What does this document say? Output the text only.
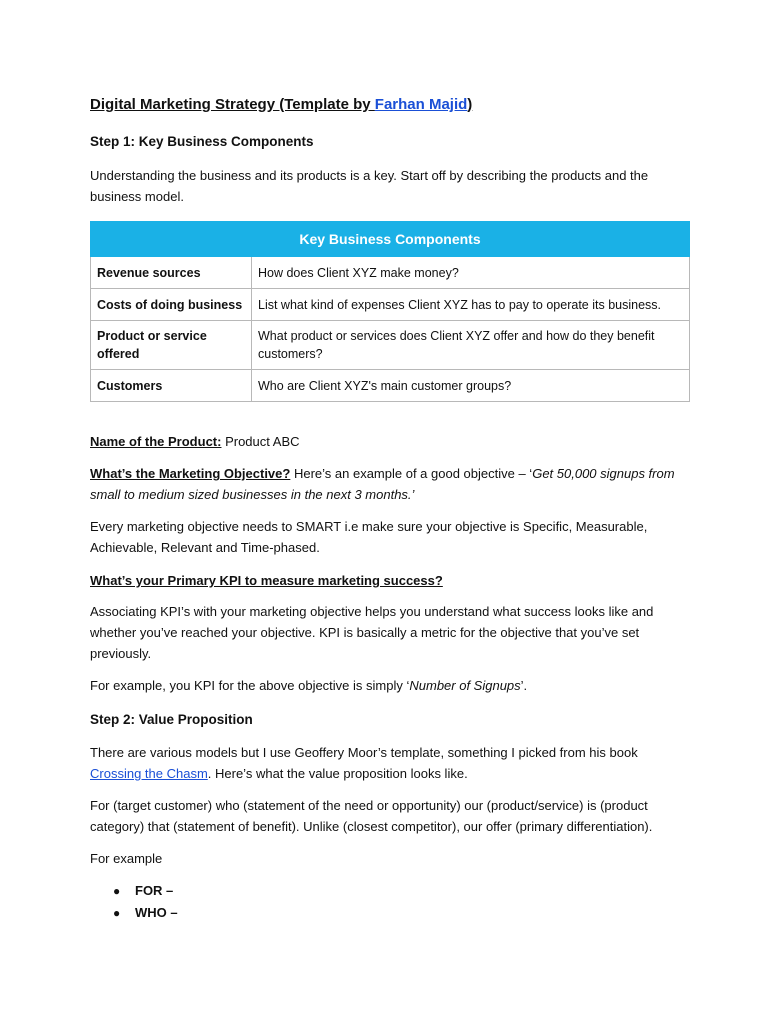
Digital Marketing Strategy (Template by Farhan Majid)

Step 1: Key Business Components

Understanding the business and its products is a key. Start off by describing the products and the business model.

Key Business Components	
Revenue sources	How does Client XYZ make money?
Costs of doing business	List what kind of expenses Client XYZ has to pay to operate its business.
Product or service offered	What product or services does Client XYZ offer and how do they benefit customers?
Customers	Who are Client XYZ's main customer groups?

Name of the Product: Product ABC

What’s the Marketing Objective? Here’s an example of a good objective – ‘Get 50,000 signups from small to medium sized businesses in the next 3 months.’

Every marketing objective needs to SMART i.e make sure your objective is Specific, Measurable, Achievable, Relevant and Time-phased.

What’s your Primary KPI to measure marketing success?

Associating KPI’s with your marketing objective helps you understand what success looks like and whether you’ve reached your objective. KPI is basically a metric for the objective that you’ve set previously.

For example, you KPI for the above objective is simply ‘Number of Signups’.

Step 2: Value Proposition

There are various models but I use Geoffery Moor’s template, something I picked from his book Crossing the Chasm. Here’s what the value proposition looks like.

For (target customer) who (statement of the need or opportunity) our (product/service) is (product category) that (statement of benefit). Unlike (closest competitor), our offer (primary differentiation).

For example

● FOR –
● WHO –
